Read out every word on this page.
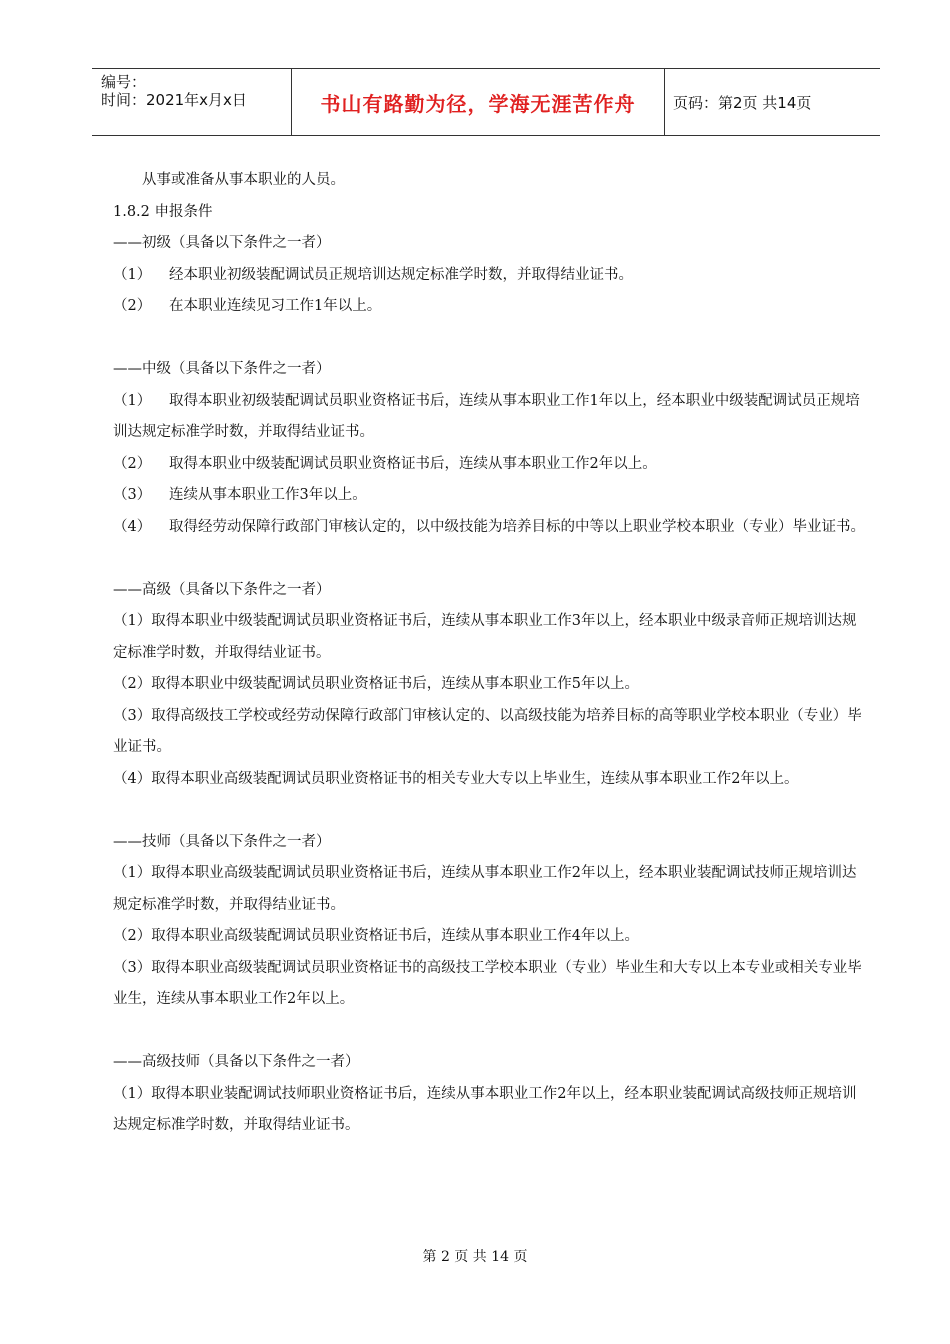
编号：
时间：2021年x月x日	书山有路勤为径，学海无涯苦作舟	页码：第2页 共14页

从事或准备从事本职业的人员。

1.8.2 申报条件

——初级（具备以下条件之一者）

（1） 经本职业初级装配调试员正规培训达规定标准学时数，并取得结业证书。

（2） 在本职业连续见习工作1年以上。

——中级（具备以下条件之一者）

（1） 取得本职业初级装配调试员职业资格证书后，连续从事本职业工作1年以上，经本职业中级装配调试员正规培训达规定标准学时数，并取得结业证书。

（2） 取得本职业中级装配调试员职业资格证书后，连续从事本职业工作2年以上。

（3） 连续从事本职业工作3年以上。

（4） 取得经劳动保障行政部门审核认定的，以中级技能为培养目标的中等以上职业学校本职业（专业）毕业证书。

——高级（具备以下条件之一者）

（1）取得本职业中级装配调试员职业资格证书后，连续从事本职业工作3年以上，经本职业中级录音师正规培训达规定标准学时数，并取得结业证书。

（2）取得本职业中级装配调试员职业资格证书后，连续从事本职业工作5年以上。

（3）取得高级技工学校或经劳动保障行政部门审核认定的、以高级技能为培养目标的高等职业学校本职业（专业）毕业证书。

（4）取得本职业高级装配调试员职业资格证书的相关专业大专以上毕业生，连续从事本职业工作2年以上。

——技师（具备以下条件之一者）

（1）取得本职业高级装配调试员职业资格证书后，连续从事本职业工作2年以上，经本职业装配调试技师正规培训达规定标准学时数，并取得结业证书。

（2）取得本职业高级装配调试员职业资格证书后，连续从事本职业工作4年以上。

（3）取得本职业高级装配调试员职业资格证书的高级技工学校本职业（专业）毕业生和大专以上本专业或相关专业毕业生，连续从事本职业工作2年以上。

——高级技师（具备以下条件之一者）

（1）取得本职业装配调试技师职业资格证书后，连续从事本职业工作2年以上，经本职业装配调试高级技师正规培训达规定标准学时数，并取得结业证书。

第 2 页 共 14 页
